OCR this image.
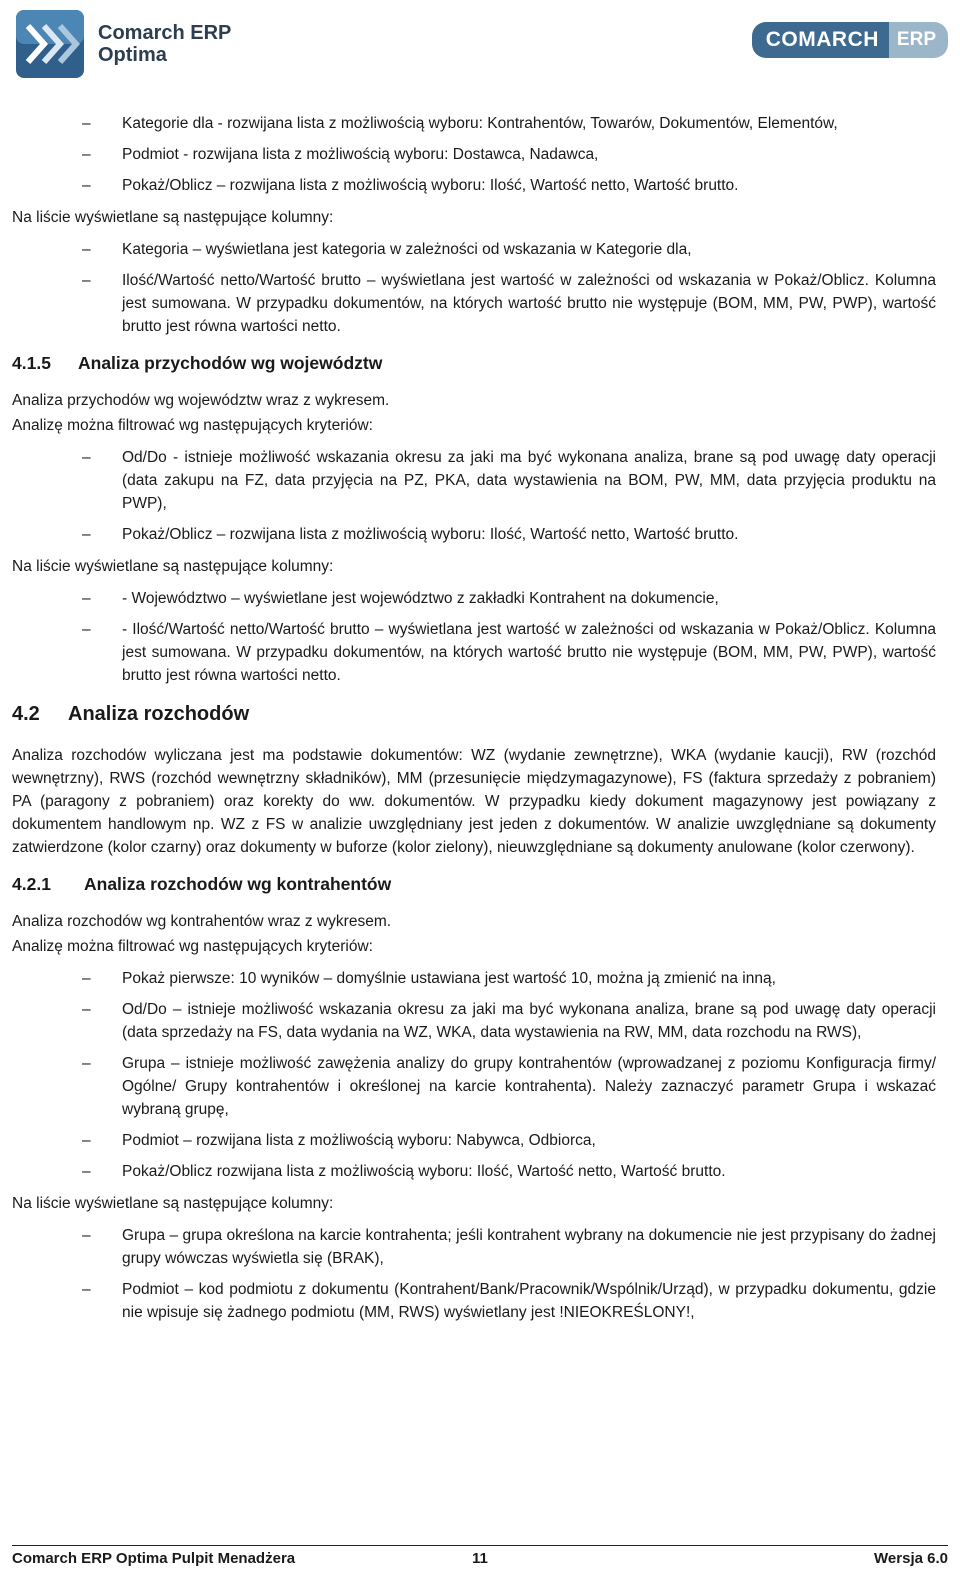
Comarch ERP
Optima
COMARCH ERP
– Kategorie dla - rozwijana lista z możliwością wyboru: Kontrahentów, Towarów, Dokumentów, Elementów,
– Podmiot - rozwijana lista z możliwością wyboru: Dostawca, Nadawca,
– Pokaż/Oblicz – rozwijana lista z możliwością wyboru: Ilość, Wartość netto, Wartość brutto.

Na liście wyświetlane są następujące kolumny:

– Kategoria – wyświetlana jest kategoria w zależności od wskazania w Kategorie dla,
– Ilość/Wartość netto/Wartość brutto – wyświetlana jest wartość w zależności od wskazania w Pokaż/Oblicz. Kolumna jest sumowana. W przypadku dokumentów, na których wartość brutto nie występuje (BOM, MM, PW, PWP), wartość brutto jest równa wartości netto.
4.1.5 Analiza przychodów wg województw

Analiza przychodów wg województw wraz z wykresem.

Analizę można filtrować wg następujących kryteriów:

– Od/Do - istnieje możliwość wskazania okresu za jaki ma być wykonana analiza, brane są pod uwagę daty operacji (data zakupu na FZ, data przyjęcia na PZ, PKA, data wystawienia na BOM, PW, MM, data przyjęcia produktu na PWP),
– Pokaż/Oblicz – rozwijana lista z możliwością wyboru: Ilość, Wartość netto, Wartość brutto.

Na liście wyświetlane są następujące kolumny:

– - Województwo – wyświetlane jest województwo z zakładki Kontrahent na dokumencie,
– - Ilość/Wartość netto/Wartość brutto – wyświetlana jest wartość w zależności od wskazania w Pokaż/Oblicz. Kolumna jest sumowana. W przypadku dokumentów, na których wartość brutto nie występuje (BOM, MM, PW, PWP), wartość brutto jest równa wartości netto.
4.2 Analiza rozchodów

Analiza rozchodów wyliczana jest ma podstawie dokumentów: WZ (wydanie zewnętrzne), WKA (wydanie kaucji), RW (rozchód wewnętrzny), RWS (rozchód wewnętrzny składników), MM (przesunięcie międzymagazynowe), FS (faktura sprzedaży z pobraniem) PA (paragony z pobraniem) oraz korekty do ww. dokumentów. W przypadku kiedy dokument magazynowy jest powiązany z dokumentem handlowym np. WZ z FS w analizie uwzględniany jest jeden z dokumentów. W analizie uwzględniane są dokumenty zatwierdzone (kolor czarny) oraz dokumenty w buforze (kolor zielony), nieuwzględniane są dokumenty anulowane (kolor czerwony).

4.2.1 Analiza rozchodów wg kontrahentów

Analiza rozchodów wg kontrahentów wraz z wykresem.

Analizę można filtrować wg następujących kryteriów:

– Pokaż pierwsze: 10 wyników – domyślnie ustawiana jest wartość 10, można ją zmienić na inną,
– Od/Do – istnieje możliwość wskazania okresu za jaki ma być wykonana analiza, brane są pod uwagę daty operacji (data sprzedaży na FS, data wydania na WZ, WKA, data wystawienia na RW, MM, data rozchodu na RWS),
– Grupa – istnieje możliwość zawężenia analizy do grupy kontrahentów (wprowadzanej z poziomu Konfiguracja firmy/ Ogólne/ Grupy kontrahentów i określonej na karcie kontrahenta). Należy zaznaczyć parametr Grupa i wskazać wybraną grupę,
– Podmiot – rozwijana lista z możliwością wyboru: Nabywca, Odbiorca,
– Pokaż/Oblicz rozwijana lista z możliwością wyboru: Ilość, Wartość netto, Wartość brutto.

Na liście wyświetlane są następujące kolumny:

– Grupa – grupa określona na karcie kontrahenta; jeśli kontrahent wybrany na dokumencie nie jest przypisany do żadnej grupy wówczas wyświetla się (BRAK),
– Podmiot – kod podmiotu z dokumentu (Kontrahent/Bank/Pracownik/Wspólnik/Urząd), w przypadku dokumentu, gdzie nie wpisuje się żadnego podmiotu (MM, RWS) wyświetlany jest !NIEOKREŚLONY!,
Comarch ERP Optima Pulpit Menadżera	11	Wersja 6.0
